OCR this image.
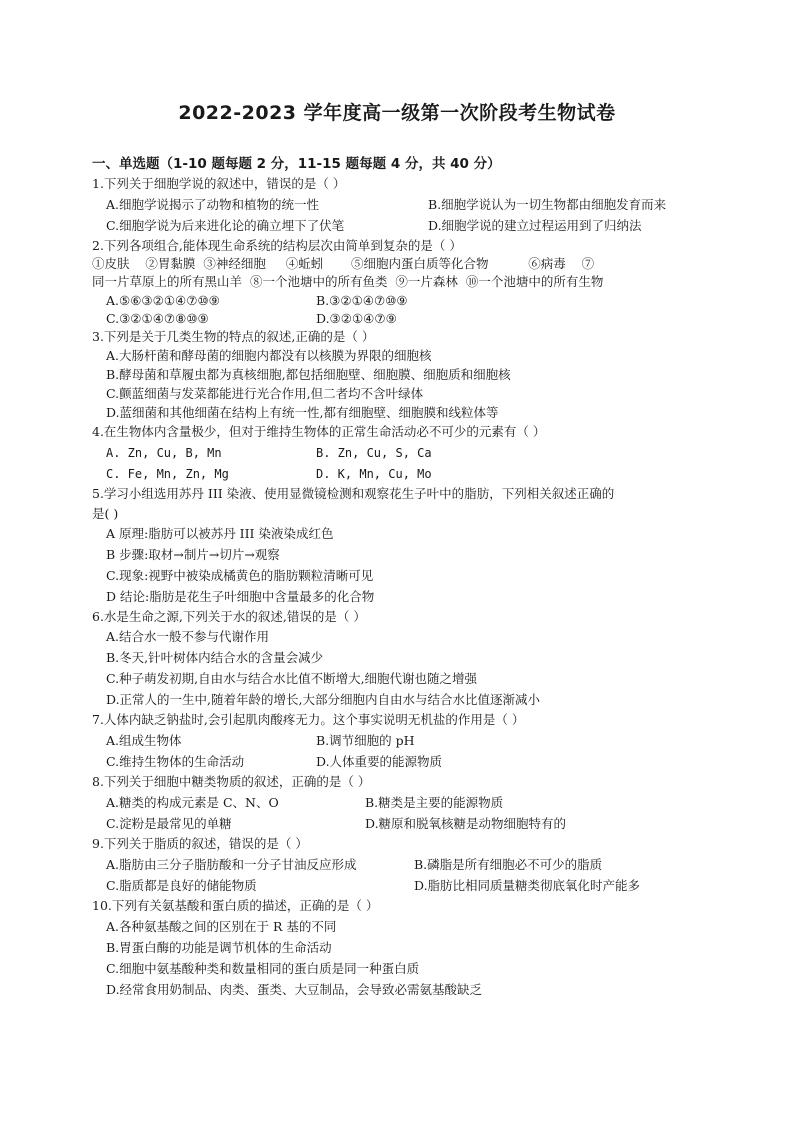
2022-2023 学年度高一级第一次阶段考生物试卷
一、单选题（1-10 题每题 2 分，11-15 题每题 4 分，共 40 分）
1.下列关于细胞学说的叙述中，错误的是（ ）
A.细胞学说揭示了动物和植物的统一性	B.细胞学说认为一切生物都由细胞发育而来
C.细胞学说为后来进化论的确立埋下了伏笔	D.细胞学说的建立过程运用到了归纳法
2.下列各项组合,能体现生命系统的结构层次由简单到复杂的是（ ）
①皮肤    ②胃黏膜  ③神经细胞     ④蚯蚓       ⑤细胞内蛋白质等化合物          ⑥病毒    ⑦
同一片草原上的所有黑山羊  ⑧一个池塘中的所有鱼类  ⑨一片森林  ⑩一个池塘中的所有生物
A.⑤⑥③②①④⑦⑩⑨	B.③②①④⑦⑩⑨
C.③②①④⑦⑧⑩⑨	D.③②①④⑦⑨
3.下列是关于几类生物的特点的叙述,正确的是（ ）
A.大肠杆菌和酵母菌的细胞内都没有以核膜为界限的细胞核
B.酵母菌和草履虫都为真核细胞,都包括细胞壁、细胞膜、细胞质和细胞核
C.颤蓝细菌与发菜都能进行光合作用,但二者均不含叶绿体
D.蓝细菌和其他细菌在结构上有统一性,都有细胞壁、细胞膜和线粒体等
4.在生物体内含量极少，但对于维持生物体的正常生命活动必不可少的元素有（ ）
A. Zn, Cu, B, Mn	B. Zn, Cu, S, Ca
C. Fe, Mn, Zn, Mg	D. K, Mn, Cu, Mo
5.学习小组选用苏丹 III 染液、使用显微镜检测和观察花生子叶中的脂肪，下列相关叙述正确的
是( )
A 原理:脂肪可以被苏丹 III 染液染成红色
B 步骤:取材→制片→切片→观察
C.现象:视野中被染成橘黄色的脂肪颗粒清晰可见
D 结论:脂肪是花生子叶细胞中含量最多的化合物
6.水是生命之源,下列关于水的叙述,错误的是（ ）
A.结合水一般不参与代谢作用
B.冬天,针叶树体内结合水的含量会减少
C.种子萌发初期,自由水与结合水比值不断增大,细胞代谢也随之增强
D.正常人的一生中,随着年龄的增长,大部分细胞内自由水与结合水比值逐渐减小
7.人体内缺乏钠盐时,会引起肌肉酸疼无力。这个事实说明无机盐的作用是（ ）
A.组成生物体	B.调节细胞的 pH
C.维持生物体的生命活动	D.人体重要的能源物质
8.下列关于细胞中糖类物质的叙述，正确的是（ ）
A.糖类的构成元素是 C、N、O	B.糖类是主要的能源物质
C.淀粉是最常见的单糖	D.糖原和脱氧核糖是动物细胞特有的
9.下列关于脂质的叙述，错误的是（ ）
A.脂肪由三分子脂肪酸和一分子甘油反应形成	B.磷脂是所有细胞必不可少的脂质
C.脂质都是良好的储能物质	D.脂肪比相同质量糖类彻底氧化时产能多
10.下列有关氨基酸和蛋白质的描述，正确的是（ ）
A.各种氨基酸之间的区别在于 R 基的不同
B.胃蛋白酶的功能是调节机体的生命活动
C.细胞中氨基酸种类和数量相同的蛋白质是同一种蛋白质
D.经常食用奶制品、肉类、蛋类、大豆制品，会导致必需氨基酸缺乏
